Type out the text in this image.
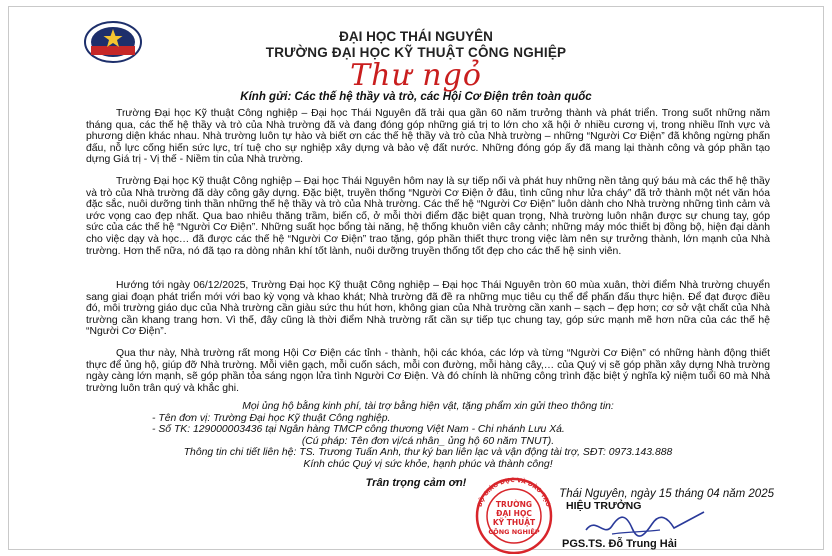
ĐẠI HỌC THÁI NGUYÊN
TRƯỜNG ĐẠI HỌC KỸ THUẬT CÔNG NGHIỆP
Thư ngỏ
Kính gửi: Các thế hệ thầy và trò, các Hội Cơ Điện trên toàn quốc

Trường Đại học Kỹ thuật Công nghiệp – Đại học Thái Nguyên đã trải qua gần 60 năm trưởng thành và phát triển. Trong suốt những năm tháng qua, các thế hệ thầy và trò của Nhà trường đã và đang đóng góp những giá trị to lớn cho xã hội ở nhiều cương vị, trong nhiều lĩnh vực và phương diện khác nhau. Nhà trường luôn tự hào và biết ơn các thế hệ thầy và trò của Nhà trường – những “Người Cơ Điện” đã không ngừng phấn đấu, nỗ lực cống hiến sức lực, trí tuệ cho sự nghiệp xây dựng và bảo vệ đất nước. Những đóng góp ấy đã mang lại thành công và góp phần tạo dựng Giá trị - Vị thế - Niềm tin của Nhà trường.

Trường Đại học Kỹ thuật Công nghiệp – Đại học Thái Nguyên hôm nay là sự tiếp nối và phát huy những nền tảng quý báu mà các thế hệ thầy và trò của Nhà trường đã dày công gây dựng. Đặc biệt, truyền thống “Người Cơ Điện ở đâu, tình cũng như lửa cháy” đã trở thành một nét văn hóa đặc sắc, nuôi dưỡng tinh thần những thế hệ thầy và trò của Nhà trường. Các thế hệ “Người Cơ Điện” luôn dành cho Nhà trường những tình cảm và ước vọng cao đẹp nhất. Qua bao nhiêu thăng trầm, biến cố, ở mỗi thời điểm đặc biệt quan trọng, Nhà trường luôn nhận được sự chung tay, góp sức của các thế hệ “Người Cơ Điện”. Những suất học bổng tài năng, hệ thống khuôn viên cây cảnh; những máy móc thiết bị đồng bộ, hiện đại dành cho việc dạy và học… đã được các thế hệ “Người Cơ Điện” trao tặng, góp phần thiết thực trong việc làm nên sự trưởng thành, lớn mạnh của Nhà trường. Hơn thế nữa, nó đã tạo ra dòng nhân khí tốt lành, nuôi dưỡng truyền thống tốt đẹp cho các thế hệ sinh viên.

Hướng tới ngày 06/12/2025, Trường Đại học Kỹ thuật Công nghiệp – Đại học Thái Nguyên tròn 60 mùa xuân, thời điểm Nhà trường chuyển sang giai đoạn phát triển mới với bao kỳ vọng và khao khát; Nhà trường đã đề ra những mục tiêu cụ thể để phấn đấu thực hiện. Để đạt được điều đó, môi trường giáo dục của Nhà trường cần giàu sức thu hút hơn, không gian của Nhà trường cần xanh – sạch – đẹp hơn; cơ sở vật chất của Nhà trường cần khang trang hơn. Vì thế, đây cũng là thời điểm Nhà trường rất cần sự tiếp tục chung tay, góp sức mạnh mẽ hơn nữa của các thế hệ “Người Cơ Điện”.

Qua thư này, Nhà trường rất mong Hội Cơ Điện các tỉnh - thành, hội các khóa, các lớp và từng “Người Cơ Điện” có những hành động thiết thực để ủng hộ, giúp đỡ Nhà trường. Mỗi viên gạch, mỗi cuốn sách, mỗi con đường, mỗi hàng cây,… của Quý vị sẽ góp phần xây dựng Nhà trường ngày càng lớn mạnh, sẽ góp phần tỏa sáng ngọn lửa tình Người Cơ Điện. Và đó chính là những công trình đặc biệt ý nghĩa kỷ niệm tuổi 60 mà Nhà trường luôn trân quý và khắc ghi.

Mọi ủng hộ bằng kinh phí, tài trợ bằng hiện vật, tặng phẩm xin gửi theo thông tin:
- Tên đơn vị: Trường Đại học Kỹ thuật Công nghiệp.
- Số TK: 129000003436 tại Ngân hàng TMCP công thương Việt Nam - Chi nhánh Lưu Xá.
(Cú pháp: Tên đơn vị/cá nhân_ ủng hộ 60 năm TNUT).
Thông tin chi tiết liên hệ: TS. Trương Tuấn Anh, thư ký ban liên lạc và vận động tài trợ, SĐT: 0973.143.888
Kính chúc Quý vị sức khỏe, hạnh phúc và thành công!
Trân trọng cảm ơn!
Thái Nguyên, ngày 15 tháng 04 năm 2025
BỘ GIÁO DỤC VÀ ĐÀO TẠO
TRƯỜNG
ĐẠI HỌC
KỸ THUẬT
CÔNG NGHIỆP
HIỆU TRƯỞNG
PGS.TS. Đỗ Trung Hải
